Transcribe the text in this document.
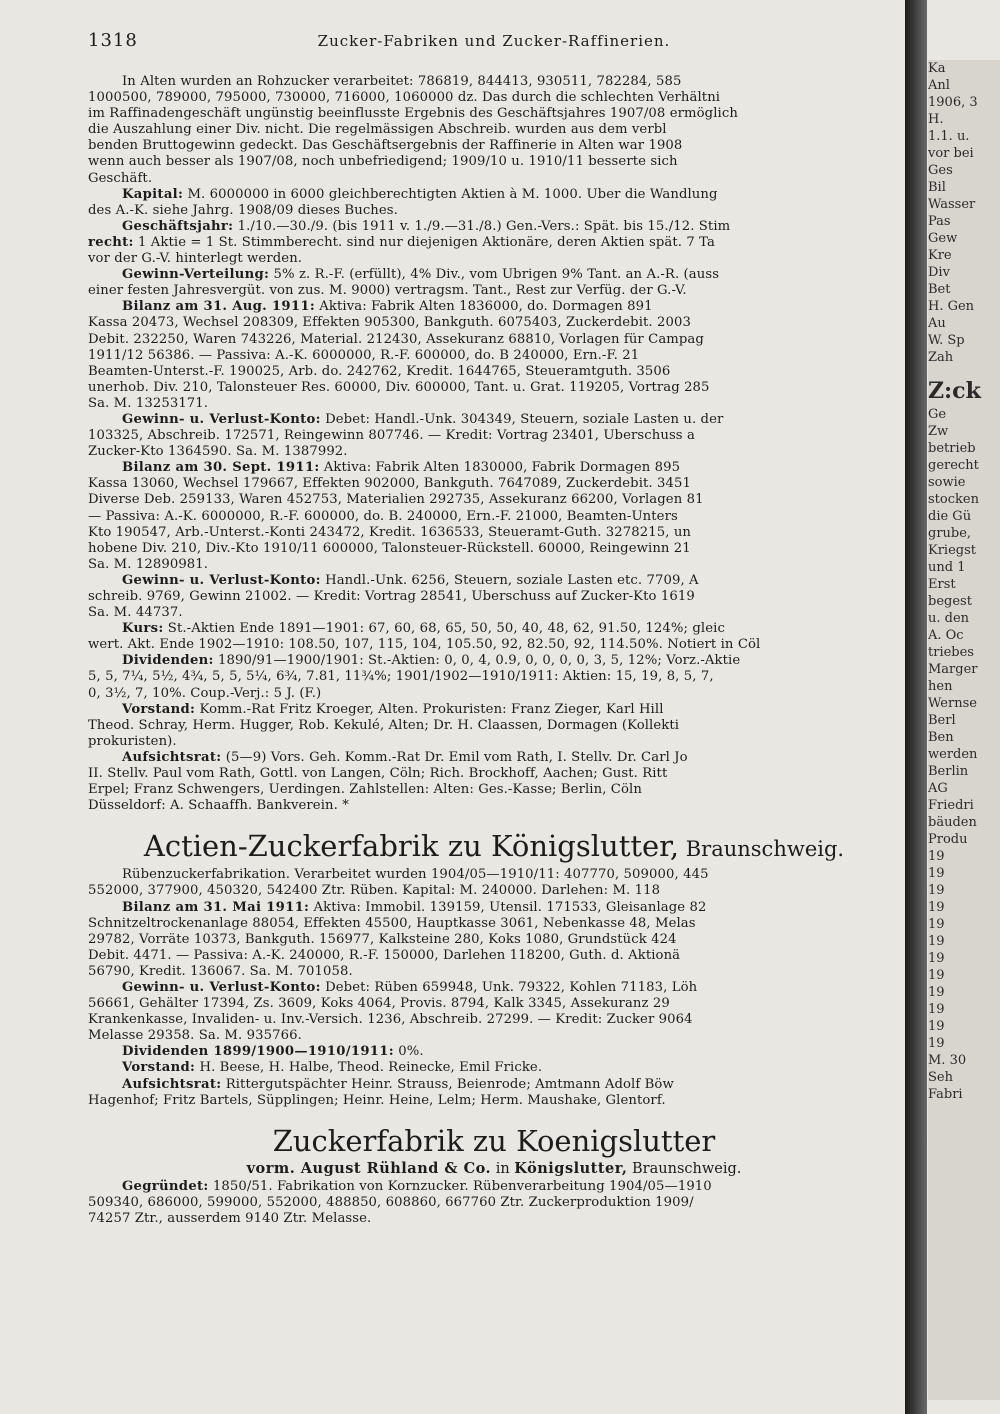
1318	Zucker-Fabriken und Zucker-Raffinerien.
In Alten wurden an Rohzucker verarbeitet: 786819, 844413, 930511, 782284, 585
1000500, 789000, 795000, 730000, 716000, 1060000 dz. Das durch die schlechten Verhältni
im Raffinadengeschäft ungünstig beeinflusste Ergebnis des Geschäftsjahres 1907/08 ermöglich
die Auszahlung einer Div. nicht. Die regelmässigen Abschreib. wurden aus dem verbl
benden Bruttogewinn gedeckt. Das Geschäftsergebnis der Raffinerie in Alten war 1908
wenn auch besser als 1907/08, noch unbefriedigend; 1909/10 u. 1910/11 besserte sich
Geschäft.
Kapital: M. 6000000 in 6000 gleichberechtigten Aktien à M. 1000. Über die Wandlung
des A.-K. siehe Jahrg. 1908/09 dieses Buches.
Geschäftsjahr: 1./10.—30./9. (bis 1911 v. 1./9.—31./8.) Gen.-Vers.: Spät. bis 15./12. Stim
recht: 1 Aktie = 1 St. Stimmberecht. sind nur diejenigen Aktionäre, deren Aktien spät. 7 Ta
vor der G.-V. hinterlegt werden.
Gewinn-Verteilung: 5% z. R.-F. (erfüllt), 4% Div., vom Übrigen 9% Tant. an A.-R. (auss
einer festen Jahresvergüt. von zus. M. 9000) vertragsm. Tant., Rest zur Verfüg. der G.-V.
Bilanz am 31. Aug. 1911: Aktiva: Fabrik Alten 1836000, do. Dormagen 891
Kassa 20473, Wechsel 208309, Effekten 905300, Bankguth. 6075403, Zuckerdebit. 2003
Debit. 232250, Waren 743226, Material. 212430, Assekuranz 68810, Vorlagen für Campag
1911/12 56386. — Passiva: A.-K. 6000000, R.-F. 600000, do. B 240000, Ern.-F. 21
Beamten-Unterst.-F. 190025, Arb. do. 242762, Kredit. 1644765, Steueramtguth. 3506
unerhob. Div. 210, Talonsteuer Res. 60000, Div. 600000, Tant. u. Grat. 119205, Vortrag 285
Sa. M. 13253171.
Gewinn- u. Verlust-Konto: Debet: Handl.-Unk. 304349, Steuern, soziale Lasten u. der
103325, Abschreib. 172571, Reingewinn 807746. — Kredit: Vortrag 23401, Überschuss a
Zucker-Kto 1364590. Sa. M. 1387992.
Bilanz am 30. Sept. 1911: Aktiva: Fabrik Alten 1830000, Fabrik Dormagen 895
Kassa 13060, Wechsel 179667, Effekten 902000, Bankguth. 7647089, Zuckerdebit. 3451
Diverse Deb. 259133, Waren 452753, Materialien 292735, Assekuranz 66200, Vorlagen 81
— Passiva: A.-K. 6000000, R.-F. 600000, do. B. 240000, Ern.-F. 21000, Beamten-Unters
Kto 190547, Arb.-Unterst.-Konti 243472, Kredit. 1636533, Steueramt-Guth. 3278215, un
hobene Div. 210, Div.-Kto 1910/11 600000, Talonsteuer-Rückstell. 60000, Reingewinn 21
Sa. M. 12890981.
Gewinn- u. Verlust-Konto: Handl.-Unk. 6256, Steuern, soziale Lasten etc. 7709, A
schreib. 9769, Gewinn 21002. — Kredit: Vortrag 28541, Überschuss auf Zucker-Kto 1619
Sa. M. 44737.
Kurs: St.-Aktien Ende 1891—1901: 67, 60, 68, 65, 50, 50, 40, 48, 62, 91.50, 124%; gleic
wert. Akt. Ende 1902—1910: 108.50, 107, 115, 104, 105.50, 92, 82.50, 92, 114.50%. Notiert in Cöl
Dividenden: 1890/91—1900/1901: St.-Aktien: 0, 0, 4, 0.9, 0, 0, 0, 0, 3, 5, 12%; Vorz.-Aktie
5, 5, 7¼, 5½, 4¾, 5, 5, 5¼, 6¾, 7.81, 11¾%; 1901/1902—1910/1911: Aktien: 15, 19, 8, 5, 7,
0, 3½, 7, 10%. Coup.-Verj.: 5 J. (F.)
Vorstand: Komm.-Rat Fritz Kroeger, Alten. Prokuristen: Franz Zieger, Karl Hill
Theod. Schray, Herm. Hugger, Rob. Kekulé, Alten; Dr. H. Claassen, Dormagen (Kollekti
prokuristen).
Aufsichtsrat: (5—9) Vors. Geh. Komm.-Rat Dr. Emil vom Rath, I. Stellv. Dr. Carl Jo
II. Stellv. Paul vom Rath, Gottl. von Langen, Cöln; Rich. Brockhoff, Aachen; Gust. Ritt
Erpel; Franz Schwengers, Uerdingen. Zahlstellen: Alten: Ges.-Kasse; Berlin, Cöln
Düsseldorf: A. Schaaffh. Bankverein. *
Actien-Zuckerfabrik zu Königslutter, Braunschweig.
Rübenzuckerfabrikation. Verarbeitet wurden 1904/05—1910/11: 407770, 509000, 445
552000, 377900, 450320, 542400 Ztr. Rüben. Kapital: M. 240000. Darlehen: M. 118
Bilanz am 31. Mai 1911: Aktiva: Immobil. 139159, Utensil. 171533, Gleisanlage 82
Schnitzeltrockenanlage 88054, Effekten 45500, Hauptkasse 3061, Nebenkasse 48, Melas
29782, Vorräte 10373, Bankguth. 156977, Kalksteine 280, Koks 1080, Grundstück 424
Debit. 4471. — Passiva: A.-K. 240000, R.-F. 150000, Darlehen 118200, Guth. d. Aktionä
56790, Kredit. 136067. Sa. M. 701058.
Gewinn- u. Verlust-Konto: Debet: Rüben 659948, Unk. 79322, Kohlen 71183, Löh
56661, Gehälter 17394, Zs. 3609, Koks 4064, Provis. 8794, Kalk 3345, Assekuranz 29
Krankenkasse, Invaliden- u. Inv.-Versich. 1236, Abschreib. 27299. — Kredit: Zucker 9064
Melasse 29358. Sa. M. 935766.
Dividenden 1899/1900—1910/1911: 0%.
Vorstand: H. Beese, H. Halbe, Theod. Reinecke, Emil Fricke.
Aufsichtsrat: Rittergutspächter Heinr. Strauss, Beienrode; Amtmann Adolf Böw
Hagenhof; Fritz Bartels, Süpplingen; Heinr. Heine, Lelm; Herm. Maushake, Glentorf.
Zuckerfabrik zu Koenigslutter
vorm. August Rühland & Co. in Königslutter, Braunschweig.
Gegründet: 1850/51. Fabrikation von Kornzucker. Rübenverarbeitung 1904/05—1910
509340, 686000, 599000, 552000, 488850, 608860, 667760 Ztr. Zuckerproduktion 1909/
74257 Ztr., ausserdem 9140 Ztr. Melasse.
Ka
Anl
1906, 3
H.
1.1. u.
vor bei
Ges
Bil
Wasser
Pas
Gew
Kre
Div
Bet
H. Gen
Au
W. Sp
Zah
Z:ck
Ge
Zw
betrieb
gerecht
sowie
stocken
die Gü
grube,
Kriegst
und 1
Erst
begest
u. den
A. Oc
triebes
Marger
hen
Wernse
Berl
Ben
werden
Berlin
AG
Friedri
bäuden
Produ
19
19
19
19
19
19
19
19
19
19
19
19
M. 30
Seh
Fabri
